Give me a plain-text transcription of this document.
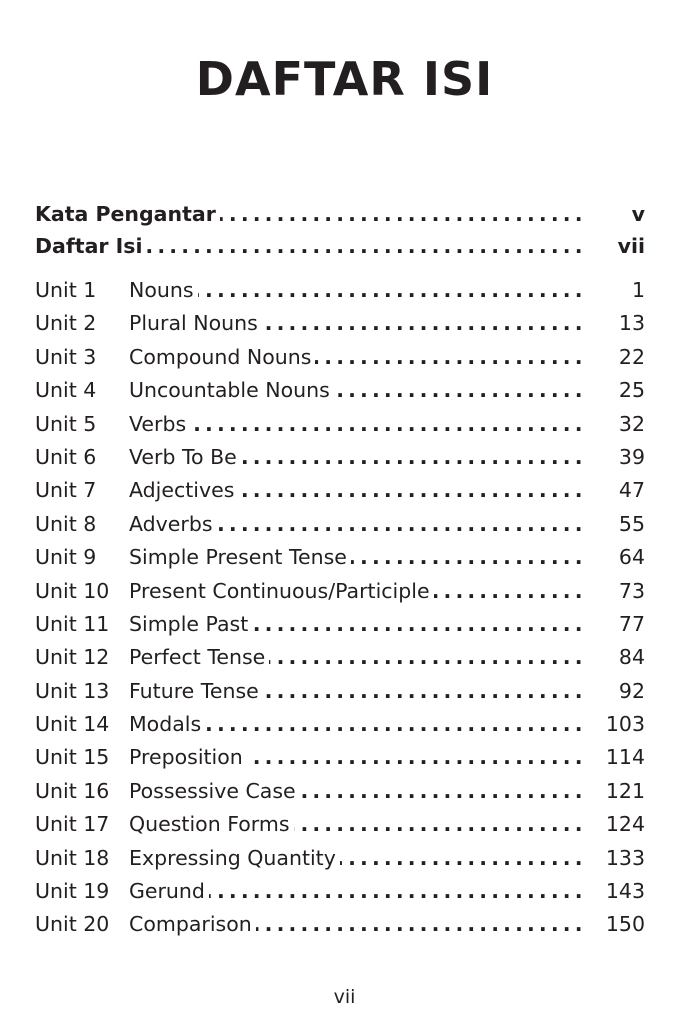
DAFTAR ISI
Kata Pengantar . . .	v
Daftar Isi . . .	vii
Unit 1 Nouns . . .	1
Unit 2 Plural Nouns . . .	13
Unit 3 Compound Nouns . . .	22
Unit 4 Uncountable Nouns . . .	25
Unit 5 Verbs . . .	32
Unit 6 Verb To Be . . .	39
Unit 7 Adjectives . . .	47
Unit 8 Adverbs . . .	55
Unit 9 Simple Present Tense . . .	64
Unit 10 Present Continuous/Participle . . .	73
Unit 11 Simple Past . . .	77
Unit 12 Perfect Tense . . .	84
Unit 13 Future Tense . . .	92
Unit 14 Modals . . .	103
Unit 15 Preposition . . .	114
Unit 16 Possessive Case . . .	121
Unit 17 Question Forms . . .	124
Unit 18 Expressing Quantity . . .	133
Unit 19 Gerund . . .	143
Unit 20 Comparison . . .	150
vii
